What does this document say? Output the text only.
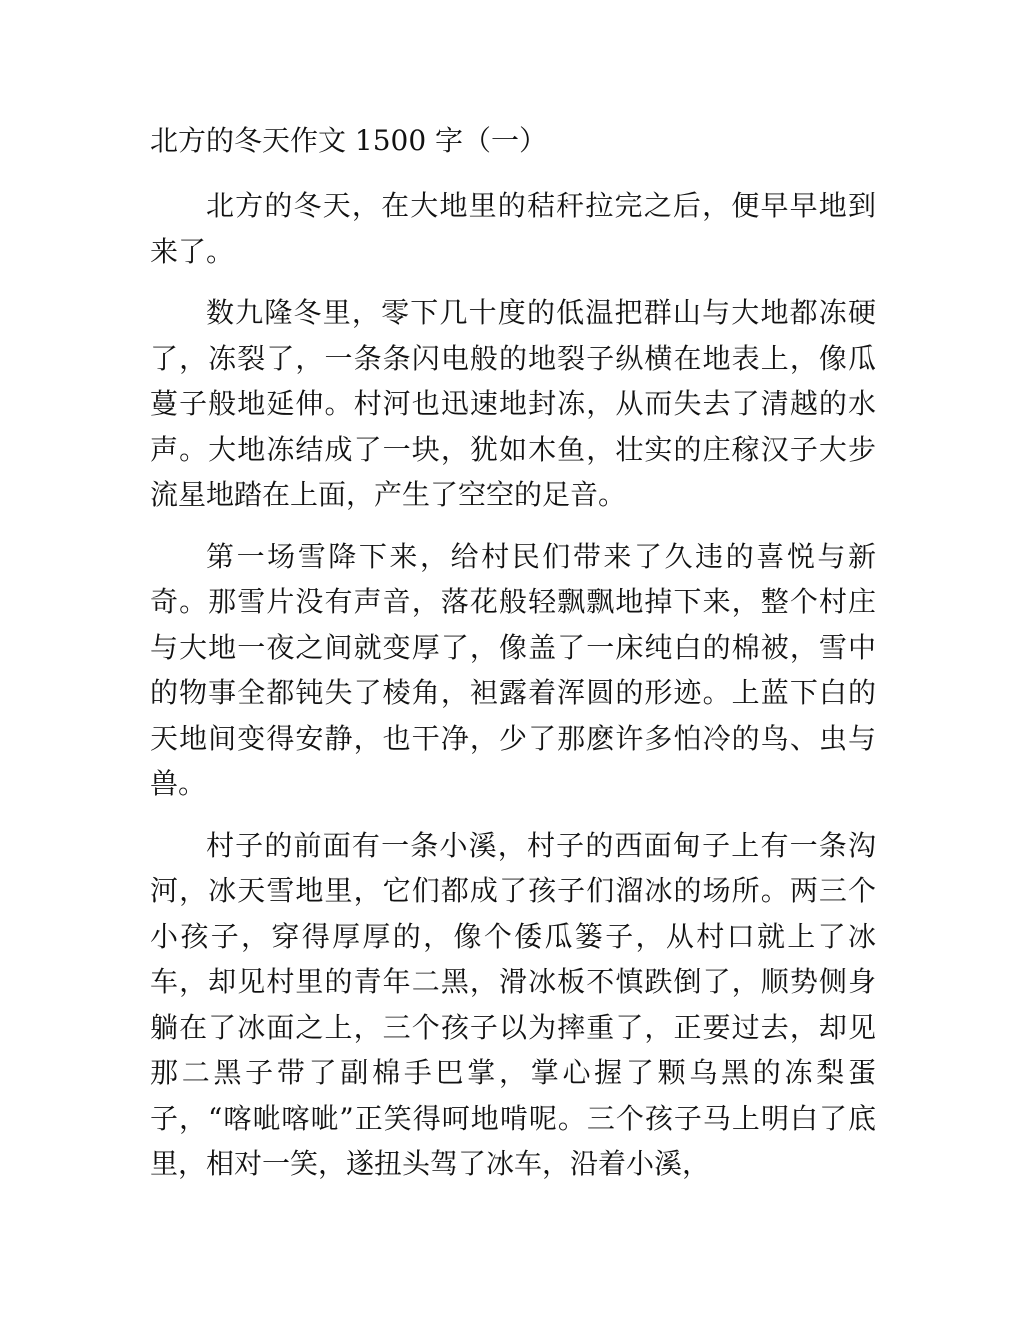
北方的冬天作文 1500 字（一）

北方的冬天，在大地里的秸秆拉完之后，便早早地到来了。

数九隆冬里，零下几十度的低温把群山与大地都冻硬了，冻裂了，一条条闪电般的地裂子纵横在地表上，像瓜蔓子般地延伸。村河也迅速地封冻，从而失去了清越的水声。大地冻结成了一块，犹如木鱼，壮实的庄稼汉子大步流星地踏在上面，产生了空空的足音。

第一场雪降下来，给村民们带来了久违的喜悦与新奇。那雪片没有声音，落花般轻飘飘地掉下来，整个村庄与大地一夜之间就变厚了，像盖了一床纯白的棉被，雪中的物事全都钝失了棱角，袒露着浑圆的形迹。上蓝下白的天地间变得安静，也干净，少了那麽许多怕冷的鸟、虫与兽。

村子的前面有一条小溪，村子的西面甸子上有一条沟河，冰天雪地里，它们都成了孩子们溜冰的场所。两三个小孩子，穿得厚厚的，像个倭瓜篓子，从村口就上了冰车，却见村里的青年二黑，滑冰板不慎跌倒了，顺势侧身躺在了冰面之上，三个孩子以为摔重了，正要过去，却见那二黑子带了副棉手巴掌，掌心握了颗乌黑的冻梨蛋子，“喀呲喀呲”正笑得呵地啃呢。三个孩子马上明白了底里，相对一笑，遂扭头驾了冰车，沿着小溪，
